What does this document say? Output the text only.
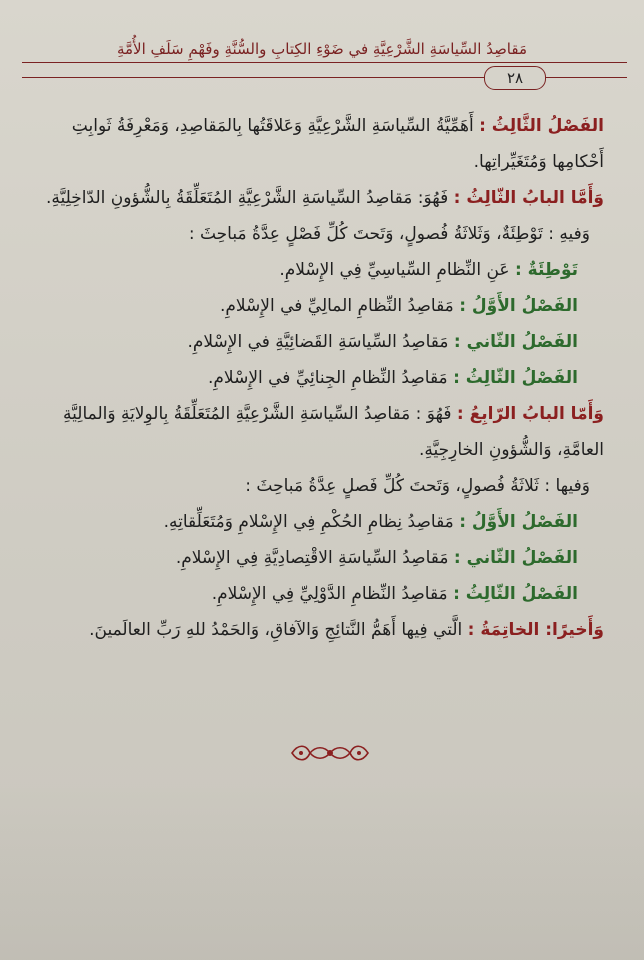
مَقاصِدُ السِّياسَةِ الشَّرْعِيَّةِ في ضَوْءِ الكِتابِ والسُّنَّةِ وفَهْمِ سَلَفِ الأُمَّةِ
٢٨
الفَصْلُ الثَّالِثُ : أَهَمِّيَّةُ السِّياسَةِ الشَّرْعِيَّةِ وَعَلاقَتُها بِالمَقاصِدِ، وَمَعْرِفَةُ ثَوابِتِ
أَحْكامِها وَمُتَغَيِّراتِها.
وَأَمَّا البابُ الثّالِثُ : فَهُوَ: مَقاصِدُ السِّياسَةِ الشَّرْعِيَّةِ المُتَعَلِّقَةُ بِالشُّؤونِ الدّاخِلِيَّةِ.
وَفيهِ : تَوْطِئَةٌ، وَثَلاثَةُ فُصولٍ، وَتَحتَ كُلِّ فَصْلٍ عِدَّةُ مَباحِثَ :
تَوْطِئَةٌ : عَنِ النِّظامِ السِّياسِيِّ فِي الإِسْلامِ.
الفَصْلُ الأَوَّلُ : مَقاصِدُ النِّظامِ المالِيِّ في الإِسْلامِ.
الفَصْلُ الثّاني : مَقاصِدُ السِّياسَةِ القَضائِيَّةِ في الإِسْلامِ.
الفَصْلُ الثّالِثُ : مَقاصِدُ النِّظامِ الجِنائِيِّ في الإِسْلامِ.
وَأَمّا البابُ الرّابِعُ : فَهُوَ : مَقاصِدُ السِّياسَةِ الشَّرْعِيَّةِ المُتَعَلِّقَةُ بِالوِلايَةِ وَالمالِيَّةِ
العامَّةِ، وَالشُّؤونِ الخارِجِيَّةِ.
وَفيها : ثَلاثَةُ فُصولٍ، وَتَحتَ كُلِّ فَصلٍ عِدَّةُ مَباحِثَ :
الفَصْلُ الأَوَّلُ : مَقاصِدُ نِظامِ الحُكْمِ فِي الإِسْلامِ وَمُتَعَلِّقاتِهِ.
الفَصْلُ الثّاني : مَقاصِدُ السِّياسَةِ الاقْتِصادِيَّةِ فِي الإِسْلامِ.
الفَصْلُ الثّالِثُ : مَقاصِدُ النِّظامِ الدَّوْلِيِّ فِي الإِسْلامِ.
وَأَخيرًا: الخاتِمَةُ : الَّتي فِيها أَهَمُّ النَّتائِجِ وَالآفاقِ، وَالحَمْدُ للهِ رَبِّ العالَمينَ.
